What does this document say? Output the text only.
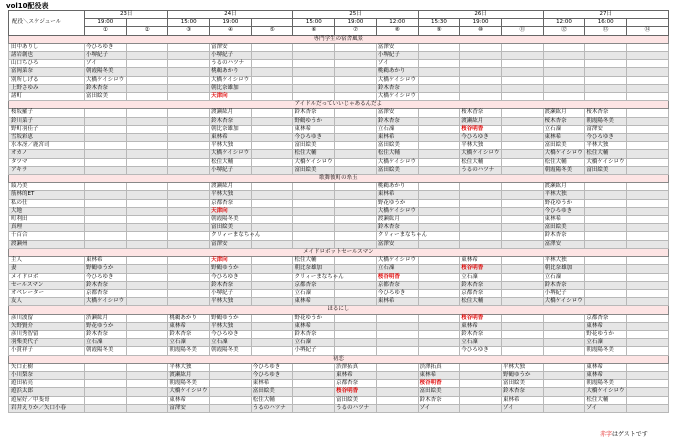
vol10配役表
配役＼スケジュール	23日		24日			25日			26日			27日		
	19:00		15:00	19:00		15:00	19:00	12:00	15:30	19:00		12:00	16:00	
	①	②	③	④	⑤	⑥	⑦	⑧	⑨	⑩	⑪	⑫	⑬	⑭
専門学生の宿舎風景														
田中ありし	今ひろゆき			富澤安				富澤安						
諸岩創也	小堺紀子			小堺紀子				小堺紀子						
山口ちひろ	ゾイ			うるのハツナ				ゾイ						
富岡菜奈	朝霞陽冬美			桃鵜あかり				桃鵜あかり						
別所しげる	大橋ケイシロウ			大橋ケイシロウ				大橋ケイシロウ						
上野さゆみ	鈴木杏奈			朝比奈雄加				鈴木杏奈						
諸町	富田絵美			天津向				大橋ケイシロウ						
アイドルだっていいじゃあるんだよ														
桜坂羅子				渡瀬紘月		鈴木杏奈		富澤安		桜木香奈		渡瀬紘月	桜木杏奈	
鈴川菜子				鈴木杏奈		野鶴ゆうか		鈴木杏奈		渡瀬紘月		桜木杏奈	朝霞陽冬美	
野町羽佳子				朝比奈雄加		東林希		立石凜		桜谷明香		立石凜	富澤安	
雪坂彩恵				東林希		今ひろゆき		東林希		今ひろゆき		東林希	今ひろゆき	
水本冴／鹿宮司				平林大独		富田絵美		富田絵美		平林大独		富田絵美	平林大独	
オカノ				大橋ケイシロウ		松住大輔		松住大輔		大橋ケイシロウ		大橋ケイシロウ	松住大輔	
タツマ				松住大輔		大橋ケイシロウ		大橋ケイシロウ		松住大輔		松住大輔	大橋ケイシロウ	
アキラ				小堺紀子		富田絵美		富田絵美		うるのハツナ		朝霞陽冬美	富田絵美	
歌舞彼町の糸玉														
綾乃美				渡瀬紘月				桃鵜あかり				渡瀬紘月		
筋林的ET				平林大独				東林希				平林大独		
私の仕				京都杏奈				野花ゆうか				野花ゆうか		
大地				天津向				大橋ケイシロウ				今ひろゆき		
町利田				朝霞陽冬美				渡瀬紘月				東林希		
真理				富田絵美				鈴木杏奈				富田絵美		
千百合				クリィーまなちゃん				クリィーまなちゃん				鈴木杏奈		
渡瀬州				富澤安				富澤安				富澤安		
メイドロボットセールスマン														
主人	東林希			天津向		松住大輔		大橋ケイシロウ		東林希		平林大独		
妻	野鶴ゆうか			野鶴ゆうか		朝比奈雄加		立石凜		桜谷明香		朝比奈雄加		
メイドロボ	今ひろゆき			今ひろゆき		クリィーまなちゃん		桜谷明香		立石凜		立石凜		
セールスマン	鈴木杏奈			鈴木杏奈		京都杏奈		京都杏奈		鈴木杏奈		鈴木杏奈		
オペレーター	京都杏奈			小堺紀子		立石凜		今ひろゆき		京都杏奈		小堺紀子		
友人	大橋ケイシロウ			平林大独		東林希		東林希		松住大輔		大橋ケイシロウ		
ほるにし														
彦川波留	渋瀬紘月		桃鵜あかり	野鶴ゆうか		野花ゆうか				桜谷明香			京都杏奈	
矢野賢介	野花ゆうか		東林希	平林大独		東林希				東林希			東林希	
彦川秀智留	鈴木杏奈		鈴木杏奈	今ひろゆき		鈴木杏奈				鈴木杏奈			野花ゆうか	
羽柴美代子	立石凜		立石凜	立石凜		立石凜				立石凜			立石凜	
小賞祥子	朝霞陽冬美		朝霞陽冬美	朝霞陽冬美		小堺紀子				今ひろゆき			朝霞陽冬美	
初恋														
矢口正樹			平林大独		今ひろゆき		渋澤拓真		渋澤拓真		平林大独		東林希	
小川梨奈			渡瀬紘月		今ひろゆき		東林希		東林希		野鶴ゆうか		東林希	
遊田祐亮			朝霞陽冬美		東林希		京都杏奈		桜谷明香		富田絵美		朝霞陽冬美	
遊浜太郎			大橋ケイシロウ		富田絵美		桜谷明香		富田絵美		鈴木杏奈		大橋ケイシロウ	
遊屋好／甲斐哥			東林希		松住大輔		富田絵美		鈴木杏奈		東林希		松住大輔	
岩井えりか／矢口小春			富澤安		うるのハツナ		うるのハツナ		ゾイ		ゾイ		ゾイ	
赤字はゲストです
